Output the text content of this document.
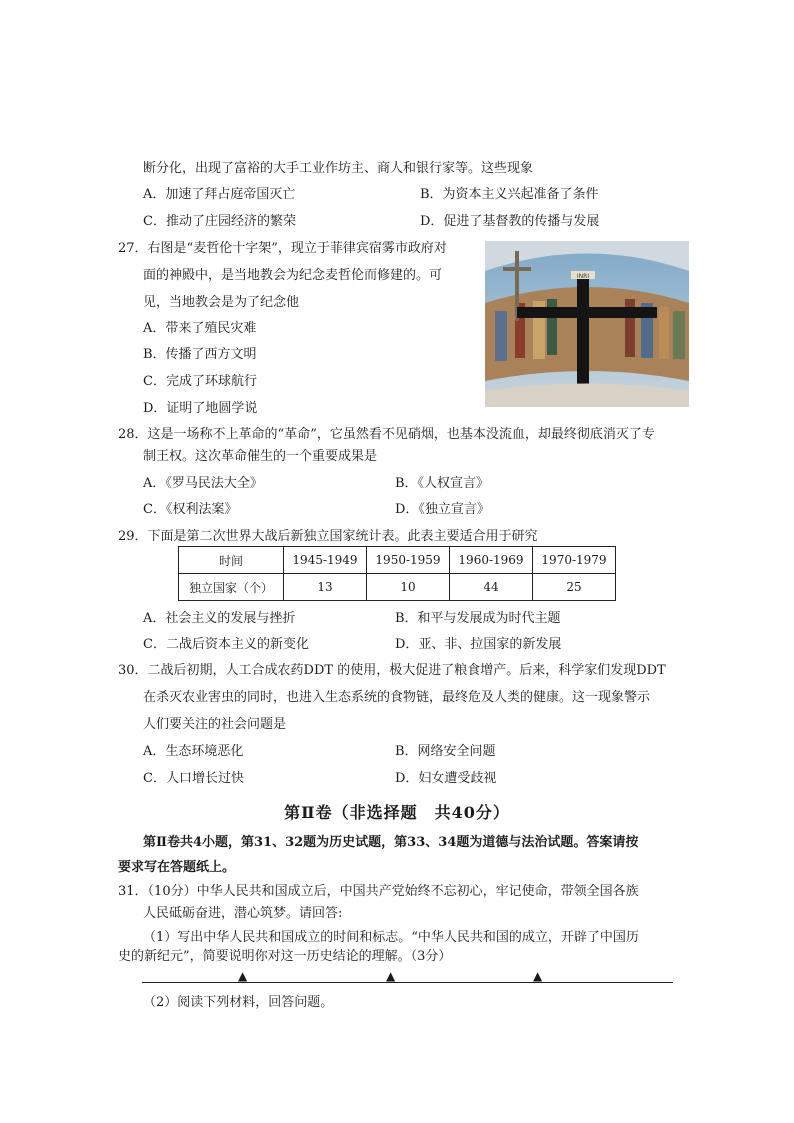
断分化，出现了富裕的大手工业作坊主、商人和银行家等。这些现象
A．加速了拜占庭帝国灭亡	B．为资本主义兴起准备了条件
C．推动了庄园经济的繁荣	D．促进了基督教的传播与发展
27．右图是“麦哲伦十字架”，现立于菲律宾宿雾市政府对
面的神殿中，是当地教会为纪念麦哲伦而修建的。可
见，当地教会是为了纪念他
A．带来了殖民灾难
B．传播了西方文明
C．完成了环球航行
D．证明了地圆学说
INRI
28．这是一场称不上革命的“革命”，它虽然看不见硝烟，也基本没流血，却最终彻底消灭了专
制王权。这次革命催生的一个重要成果是
A．《罗马民法大全》	B．《人权宣言》
C．《权利法案》	D．《独立宣言》
29．下面是第二次世界大战后新独立国家统计表。此表主要适合用于研究
时间	1945-1949	1950-1959	1960-1969	1970-1979
独立国家（个）	13	10	44	25
A．社会主义的发展与挫折	B．和平与发展成为时代主题
C．二战后资本主义的新变化	D．亚、非、拉国家的新发展
30．二战后初期，人工合成农药DDT 的使用，极大促进了粮食增产。后来，科学家们发现DDT
在杀灭农业害虫的同时，也进入生态系统的食物链，最终危及人类的健康。这一现象警示
人们要关注的社会问题是
A．生态环境恶化	B．网络安全问题
C．人口增长过快	D．妇女遭受歧视
第Ⅱ卷（非选择题　共40分）
第Ⅱ卷共4小题，第31、32题为历史试题，第33、34题为道德与法治试题。答案请按
要求写在答题纸上。
31．（10分）中华人民共和国成立后，中国共产党始终不忘初心，牢记使命，带领全国各族
人民砥砺奋进，潜心筑梦。请回答:
（1）写出中华人民共和国成立的时间和标志。“中华人民共和国的成立，开辟了中国历
史的新纪元”，简要说明你对这一历史结论的理解。（3分）
▲	▲	▲
（2）阅读下列材料，回答问题。
